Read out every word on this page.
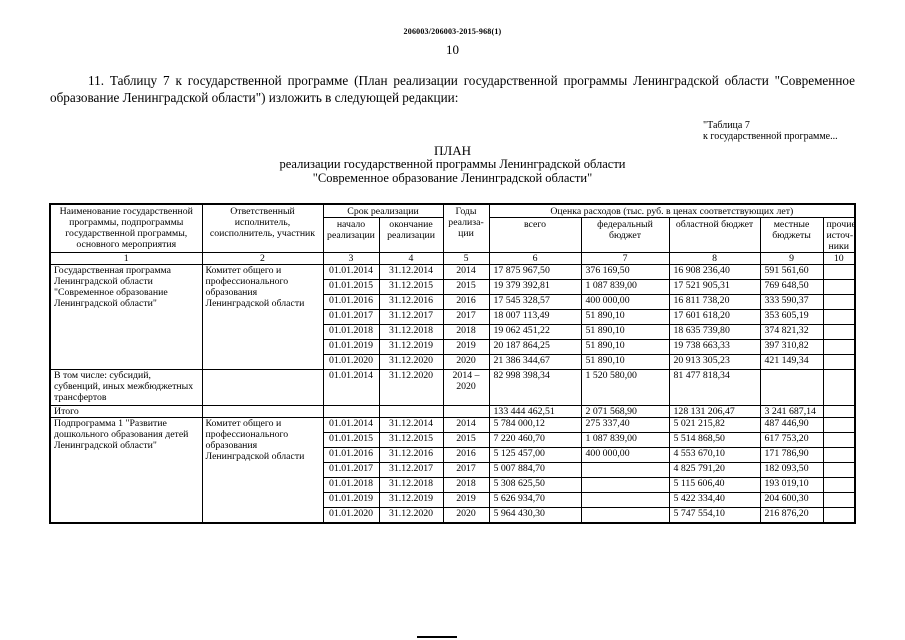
206003/206003-2015-968(1)
10
11. Таблицу 7 к государственной программе (План реализации государственной программы Ленинградской области "Современное образование Ленинградской области") изложить в следующей редакции:
"Таблица 7
к государственной программе...
ПЛАН
реализации государственной программы Ленинградской области
"Современное образование Ленинградской области"
Наименование государственной программы, подпрограммы государственной программы, основного мероприятия	Ответственный исполнитель, соисполнитель, участник	Срок реализации		Годы реализа-ции	Оценка расходов (тыс. руб. в ценах соответствующих лет)				
		начало реализации	окончание реализации		всего	федеральный бюджет	областной бюджет	местные бюджеты	прочие источ-ники
1	2	3	4	5	6	7	8	9	10
Государственная программа Ленинградской области "Современное образование Ленинградской области"	Комитет общего и профессионального образования Ленинградской области	01.01.2014	31.12.2014	2014	17 875 967,50	376 169,50	16 908 236,40	591 561,60	
		01.01.2015	31.12.2015	2015	19 379 392,81	1 087 839,00	17 521 905,31	769 648,50	
		01.01.2016	31.12.2016	2016	17 545 328,57	400 000,00	16 811 738,20	333 590,37	
		01.01.2017	31.12.2017	2017	18 007 113,49	51 890,10	17 601 618,20	353 605,19	
		01.01.2018	31.12.2018	2018	19 062 451,22	51 890,10	18 635 739,80	374 821,32	
		01.01.2019	31.12.2019	2019	20 187 864,25	51 890,10	19 738 663,33	397 310,82	
		01.01.2020	31.12.2020	2020	21 386 344,67	51 890,10	20 913 305,23	421 149,34	
В том числе: субсидий, субвенций, иных межбюджетных трансфертов		01.01.2014	31.12.2020	2014 – 2020	82 998 398,34	1 520 580,00	81 477 818,34		
Итого					133 444 462,51	2 071 568,90	128 131 206,47	3 241 687,14	
Подпрограмма 1 "Развитие дошкольного образования детей Ленинградской области"	Комитет общего и профессионального образования Ленинградской области	01.01.2014	31.12.2014	2014	5 784 000,12	275 337,40	5 021 215,82	487 446,90	
		01.01.2015	31.12.2015	2015	7 220 460,70	1 087 839,00	5 514 868,50	617 753,20	
		01.01.2016	31.12.2016	2016	5 125 457,00	400 000,00	4 553 670,10	171 786,90	
		01.01.2017	31.12.2017	2017	5 007 884,70		4 825 791,20	182 093,50	
		01.01.2018	31.12.2018	2018	5 308 625,50		5 115 606,40	193 019,10	
		01.01.2019	31.12.2019	2019	5 626 934,70		5 422 334,40	204 600,30	
		01.01.2020	31.12.2020	2020	5 964 430,30		5 747 554,10	216 876,20	
